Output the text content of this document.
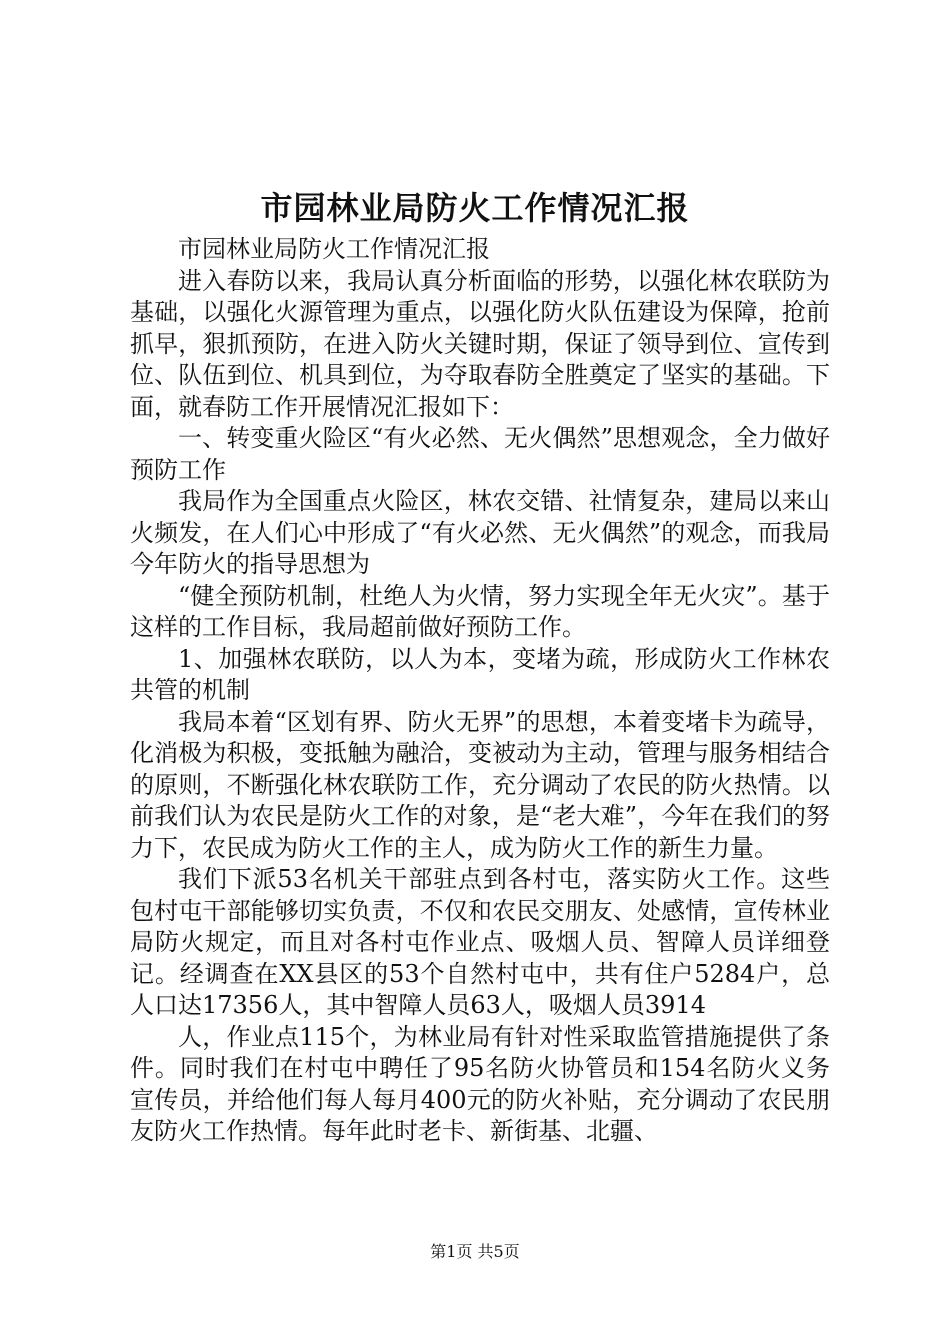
市园林业局防火工作情况汇报

市园林业局防火工作情况汇报

进入春防以来，我局认真分析面临的形势，以强化林农联防为基础，以强化火源管理为重点，以强化防火队伍建设为保障，抢前抓早，狠抓预防，在进入防火关键时期，保证了领导到位、宣传到位、队伍到位、机具到位，为夺取春防全胜奠定了坚实的基础。下面，就春防工作开展情况汇报如下：

一、转变重火险区“有火必然、无火偶然”思想观念，全力做好预防工作

我局作为全国重点火险区，林农交错、社情复杂，建局以来山火频发，在人们心中形成了“有火必然、无火偶然”的观念，而我局今年防火的指导思想为

“健全预防机制，杜绝人为火情，努力实现全年无火灾”。基于这样的工作目标，我局超前做好预防工作。

1、加强林农联防，以人为本，变堵为疏，形成防火工作林农共管的机制

我局本着“区划有界、防火无界”的思想，本着变堵卡为疏导，化消极为积极，变抵触为融洽，变被动为主动，管理与服务相结合的原则，不断强化林农联防工作，充分调动了农民的防火热情。以前我们认为农民是防火工作的对象，是“老大难”，今年在我们的努力下，农民成为防火工作的主人，成为防火工作的新生力量。

我们下派53名机关干部驻点到各村屯，落实防火工作。这些包村屯干部能够切实负责，不仅和农民交朋友、处感情，宣传林业局防火规定，而且对各村屯作业点、吸烟人员、智障人员详细登记。经调查在XX县区的53个自然村屯中，共有住户5284户，总人口达17356人，其中智障人员63人，吸烟人员3914

人，作业点115个，为林业局有针对性采取监管措施提供了条件。同时我们在村屯中聘任了95名防火协管员和154名防火义务宣传员，并给他们每人每月400元的防火补贴，充分调动了农民朋友防火工作热情。每年此时老卡、新街基、北疆、

第1页 共5页
